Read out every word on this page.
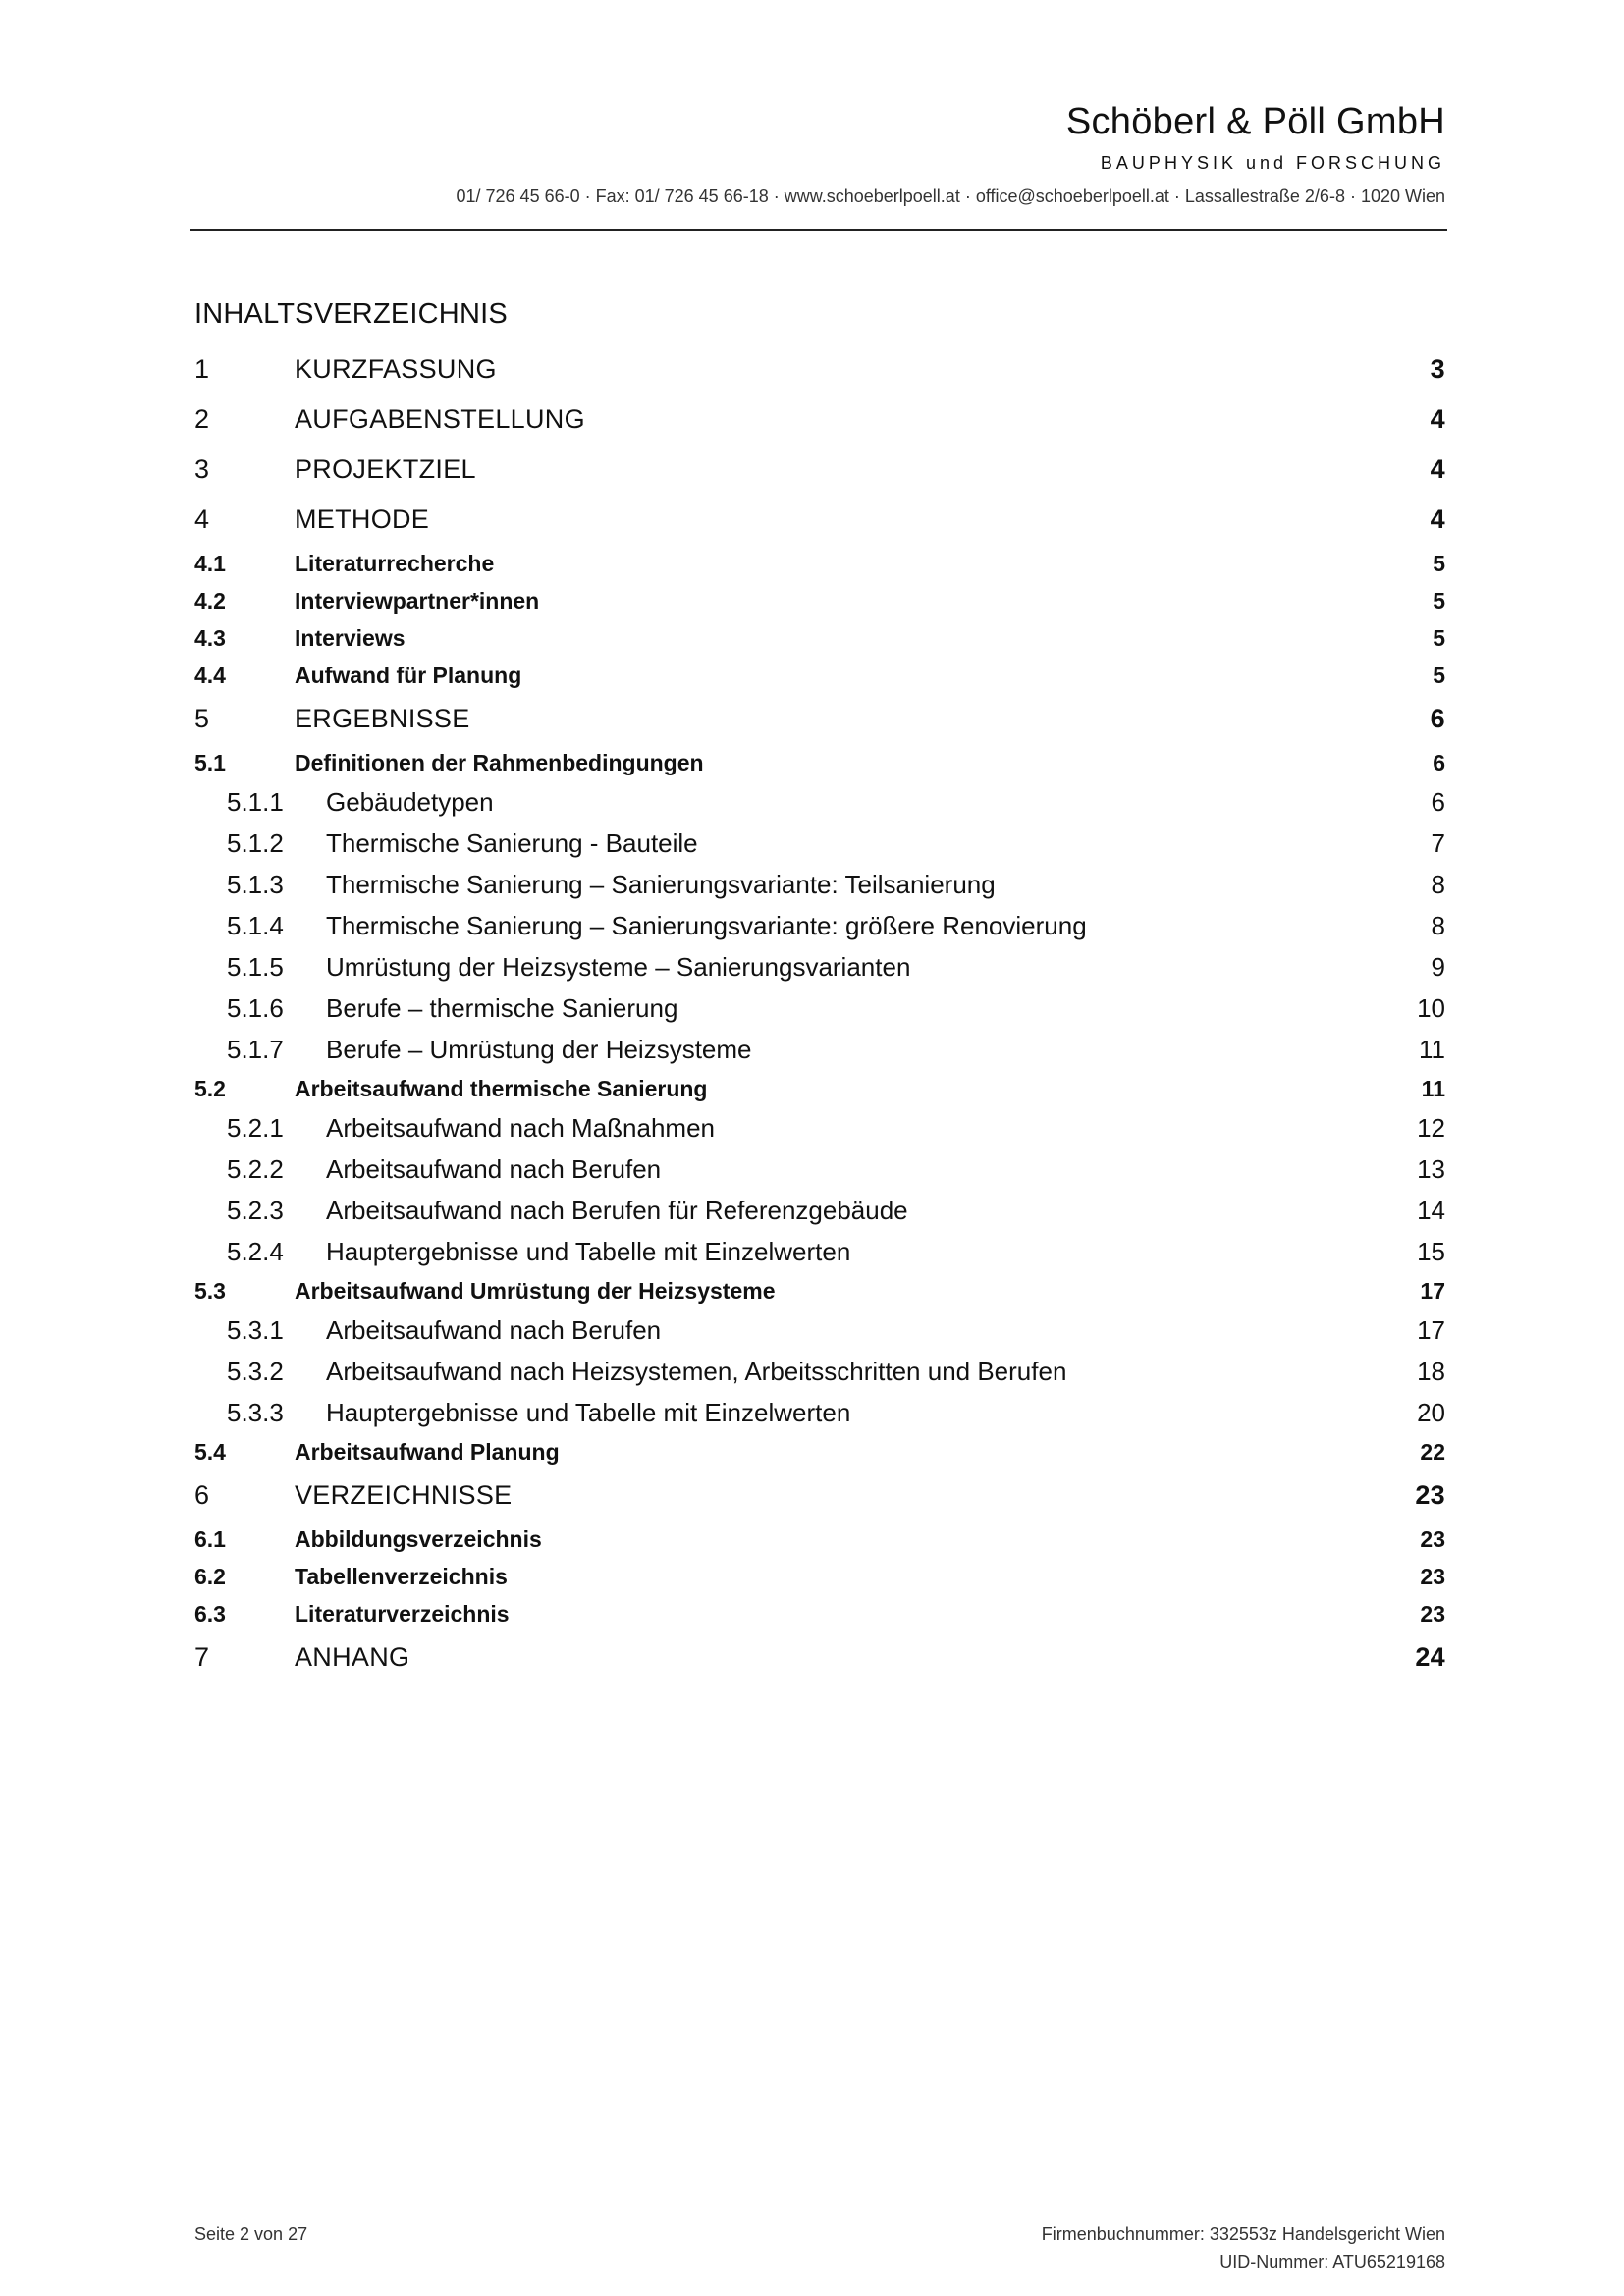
Schöberl & Pöll GmbH
BAUPHYSIK und FORSCHUNG
01/ 726 45 66-0 · Fax: 01/ 726 45 66-18 · www.schoeberlpoell.at · office@schoeberlpoell.at · Lassallestraße 2/6-8 · 1020 Wien
INHALTSVERZEICHNIS
1	KURZFASSUNG	3
2	AUFGABENSTELLUNG	4
3	PROJEKTZIEL	4
4	METHODE	4
4.1	Literaturrecherche	5
4.2	Interviewpartner*innen	5
4.3	Interviews	5
4.4	Aufwand für Planung	5
5	ERGEBNISSE	6
5.1	Definitionen der Rahmenbedingungen	6
5.1.1	Gebäudetypen	6
5.1.2	Thermische Sanierung - Bauteile	7
5.1.3	Thermische Sanierung – Sanierungsvariante: Teilsanierung	8
5.1.4	Thermische Sanierung – Sanierungsvariante: größere Renovierung	8
5.1.5	Umrüstung der Heizsysteme – Sanierungsvarianten	9
5.1.6	Berufe – thermische Sanierung	10
5.1.7	Berufe – Umrüstung der Heizsysteme	11
5.2	Arbeitsaufwand thermische Sanierung	11
5.2.1	Arbeitsaufwand nach Maßnahmen	12
5.2.2	Arbeitsaufwand nach Berufen	13
5.2.3	Arbeitsaufwand nach Berufen für Referenzgebäude	14
5.2.4	Hauptergebnisse und Tabelle mit Einzelwerten	15
5.3	Arbeitsaufwand Umrüstung der Heizsysteme	17
5.3.1	Arbeitsaufwand nach Berufen	17
5.3.2	Arbeitsaufwand nach Heizsystemen, Arbeitsschritten und Berufen	18
5.3.3	Hauptergebnisse und Tabelle mit Einzelwerten	20
5.4	Arbeitsaufwand Planung	22
6	VERZEICHNISSE	23
6.1	Abbildungsverzeichnis	23
6.2	Tabellenverzeichnis	23
6.3	Literaturverzeichnis	23
7	ANHANG	24
Seite 2 von 27	Firmenbuchnummer: 332553z Handelsgericht Wien
UID-Nummer: ATU65219168
